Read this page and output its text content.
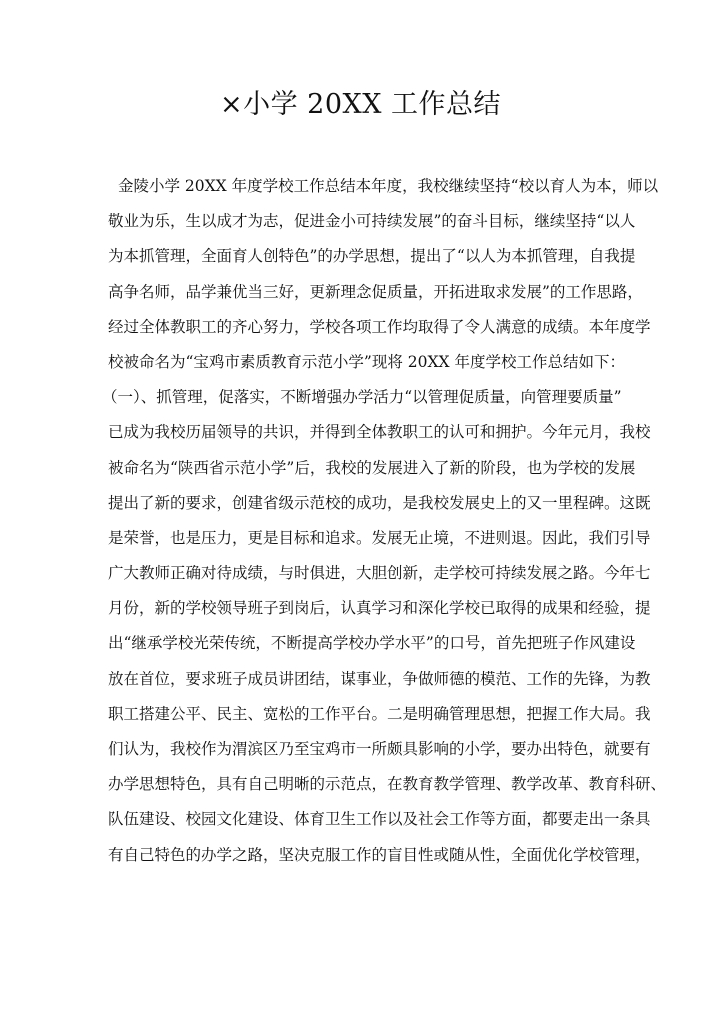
×小学 20XX 工作总结
金陵小学 20XX 年度学校工作总结本年度，我校继续坚持“校以育人为本，师以
敬业为乐，生以成才为志，促进金小可持续发展”的奋斗目标，继续坚持“以人
为本抓管理，全面育人创特色”的办学思想，提出了“以人为本抓管理，自我提
高争名师，品学兼优当三好，更新理念促质量，开拓进取求发展”的工作思路，
经过全体教职工的齐心努力，学校各项工作均取得了令人满意的成绩。本年度学
校被命名为“宝鸡市素质教育示范小学”现将 20XX 年度学校工作总结如下：
（一）、抓管理，促落实，不断增强办学活力“以管理促质量，向管理要质量”
已成为我校历届领导的共识，并得到全体教职工的认可和拥护。今年元月，我校
被命名为“陕西省示范小学”后，我校的发展进入了新的阶段，也为学校的发展
提出了新的要求，创建省级示范校的成功，是我校发展史上的又一里程碑。这既
是荣誉，也是压力，更是目标和追求。发展无止境，不进则退。因此，我们引导
广大教师正确对待成绩，与时俱进，大胆创新，走学校可持续发展之路。今年七
月份，新的学校领导班子到岗后，认真学习和深化学校已取得的成果和经验，提
出“继承学校光荣传统，不断提高学校办学水平”的口号，首先把班子作风建设
放在首位，要求班子成员讲团结，谋事业，争做师德的模范、工作的先锋，为教
职工搭建公平、民主、宽松的工作平台。二是明确管理思想，把握工作大局。我
们认为，我校作为渭滨区乃至宝鸡市一所颇具影响的小学，要办出特色，就要有
办学思想特色，具有自己明晰的示范点，在教育教学管理、教学改革、教育科研、
队伍建设、校园文化建设、体育卫生工作以及社会工作等方面，都要走出一条具
有自己特色的办学之路，坚决克服工作的盲目性或随从性，全面优化学校管理，
